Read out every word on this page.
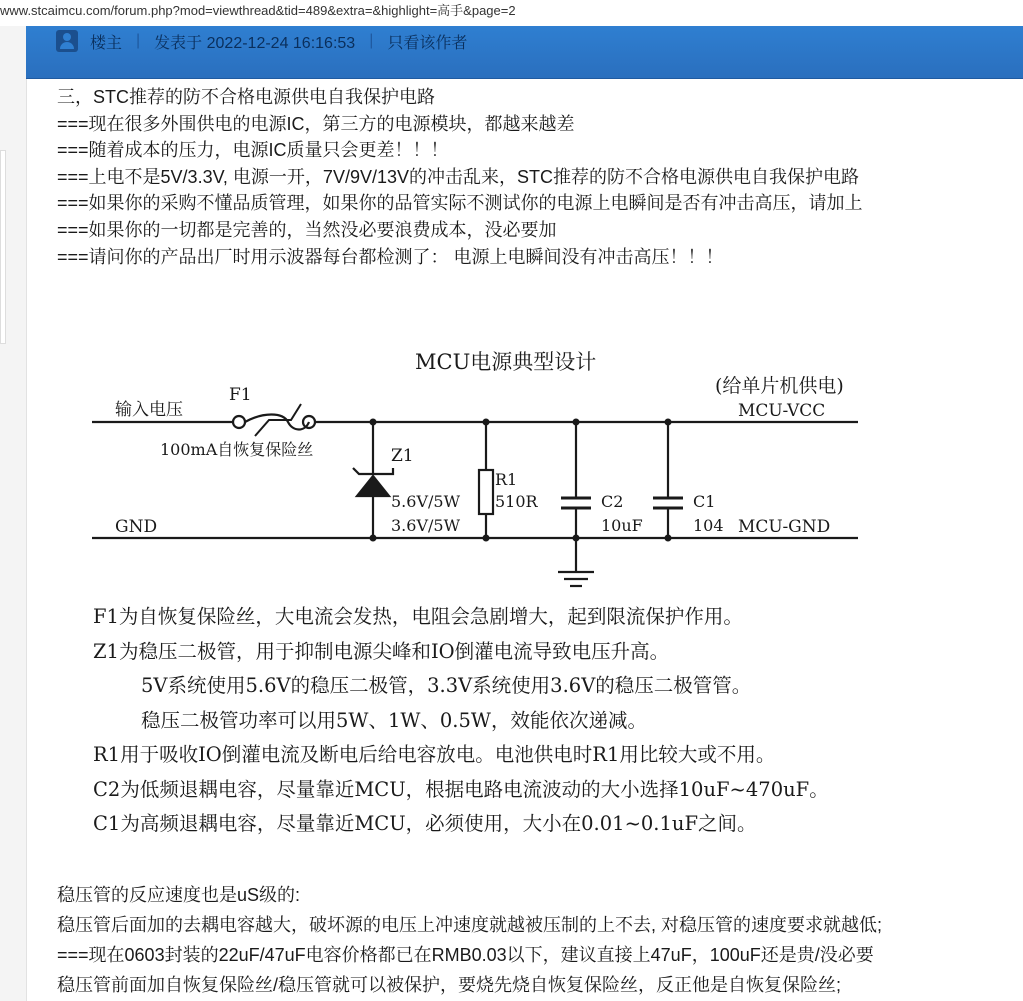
www.stcaimcu.com/forum.php?mod=viewthread&tid=489&extra=&highlight=高手&page=2
楼主 | 发表于 2022-12-24 16:16:53 | 只看该作者
三，STC推荐的防不合格电源供电自我保护电路
===现在很多外围供电的电源IC，第三方的电源模块，都越来越差
===随着成本的压力，电源IC质量只会更差！！！
===上电不是5V/3.3V, 电源一开，7V/9V/13V的冲击乱来，STC推荐的防不合格电源供电自我保护电路
===如果你的采购不懂品质管理，如果你的品管实际不测试你的电源上电瞬间是否有冲击高压，请加上
===如果你的一切都是完善的，当然没必要浪费成本，没必要加
===请问你的产品出厂时用示波器每台都检测了： 电源上电瞬间没有冲击高压！！！
MCU电源典型设计
(给单片机供电)
输入电压
F1
MCU-VCC
100mA自恢复保险丝	Z1
R1
510R
5.6V/5W
3.6V/5W
C2
10uF
C1
104
GND	MCU-GND
F1为自恢复保险丝，大电流会发热，电阻会急剧增大，起到限流保护作用。
Z1为稳压二极管，用于抑制电源尖峰和IO倒灌电流导致电压升高。
5V系统使用5.6V的稳压二极管，3.3V系统使用3.6V的稳压二极管管。
稳压二极管功率可以用5W、1W、0.5W，效能依次递减。
R1用于吸收IO倒灌电流及断电后给电容放电。电池供电时R1用比较大或不用。
C2为低频退耦电容，尽量靠近MCU，根据电路电流波动的大小选择10uF~470uF。
C1为高频退耦电容，尽量靠近MCU，必须使用，大小在0.01~0.1uF之间。
稳压管的反应速度也是uS级的:
稳压管后面加的去耦电容越大，破坏源的电压上冲速度就越被压制的上不去, 对稳压管的速度要求就越低;
===现在0603封装的22uF/47uF电容价格都已在RMB0.03以下，建议直接上47uF，100uF还是贵/没必要
稳压管前面加自恢复保险丝/稳压管就可以被保护，要烧先烧自恢复保险丝，反正他是自恢复保险丝;
